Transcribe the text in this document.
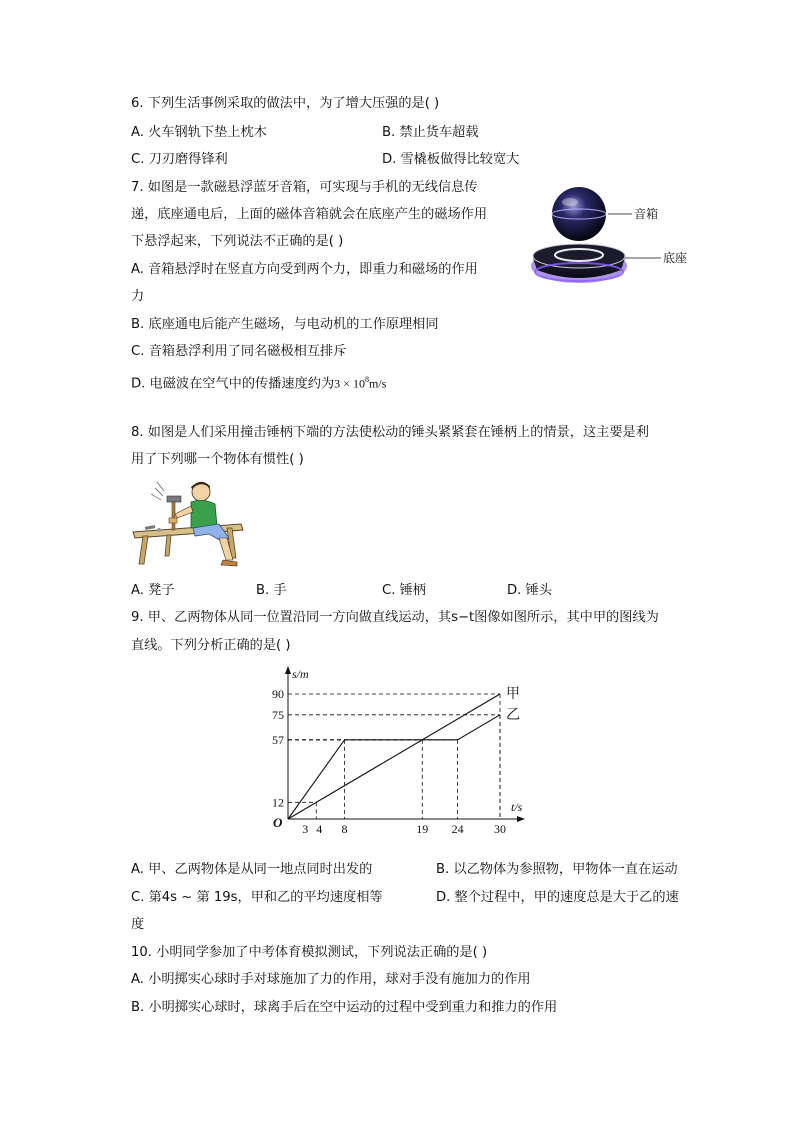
6. 下列生活事例采取的做法中，为了增大压强的是( )
A. 火车钢轨下垫上枕木	B. 禁止货车超载
C. 刀刃磨得锋利	D. 雪橇板做得比较宽大
7. 如图是一款磁悬浮蓝牙音箱，可实现与手机的无线信息传
递，底座通电后，上面的磁体音箱就会在底座产生的磁场作用
下悬浮起来，下列说法不正确的是( )
A. 音箱悬浮时在竖直方向受到两个力，即重力和磁场的作用
力
B. 底座通电后能产生磁场，与电动机的工作原理相同
C. 音箱悬浮利用了同名磁极相互排斥
D. 电磁波在空气中的传播速度约为$3 \times 10^8m/s$
音箱
底座
8. 如图是人们采用撞击锤柄下端的方法使松动的锤头紧紧套在锤柄上的情景，这主要是利
用了下列哪一个物体有惯性( )
A. 凳子	B. 手	C. 锤柄	D. 锤头
9. 甲、乙两物体从同一位置沿同一方向做直线运动，其s−t图像如图所示，其中甲的图线为
直线。下列分析正确的是( )
s/m
t/s
O
甲
乙
3 4 8	19 24	30
12
57
75
90
A. 甲、乙两物体是从同一地点同时出发的	B. 以乙物体为参照物，甲物体一直在运动
C. 第4s ~ 第 19s，甲和乙的平均速度相等	D. 整个过程中，甲的速度总是大于乙的速
度
10. 小明同学参加了中考体育模拟测试，下列说法正确的是( )
A. 小明掷实心球时手对球施加了力的作用，球对手没有施加力的作用
B. 小明掷实心球时，球离手后在空中运动的过程中受到重力和推力的作用
